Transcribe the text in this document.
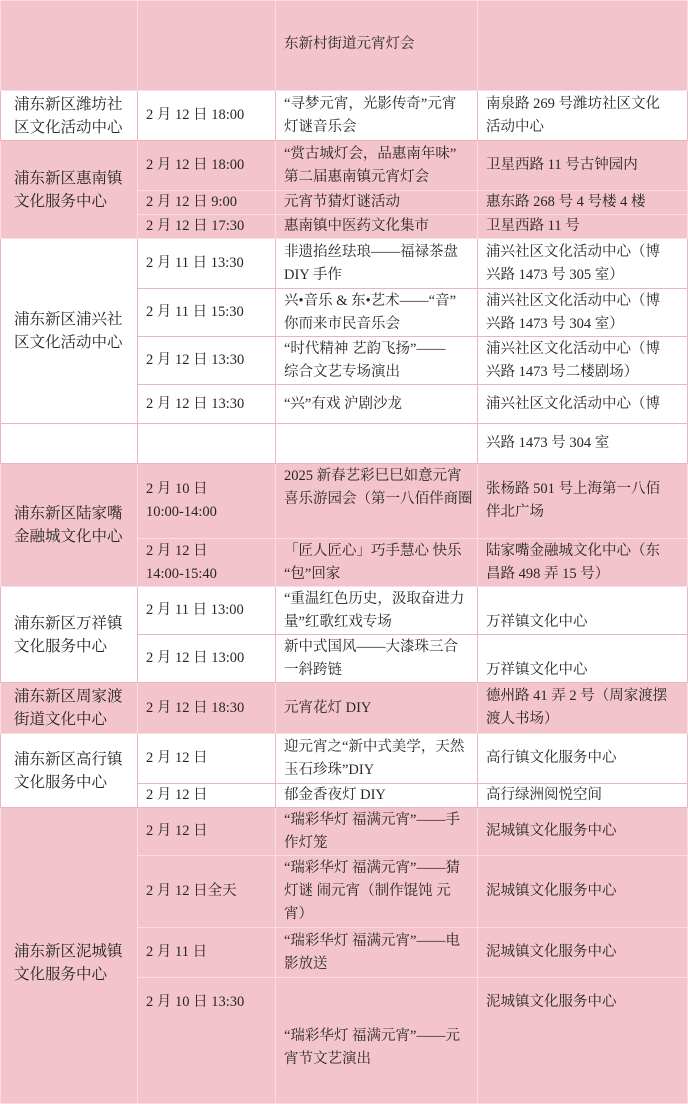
		东新村街道元宵灯会	

浦东新区潍坊社
区文化活动中心	2 月 12 日 18:00	“寻梦元宵，光影传奇”元宵
灯谜音乐会	南泉路 269 号潍坊社区文化
活动中心
浦东新区惠南镇
文化服务中心	2 月 12 日 18:00	“赏古城灯会，品惠南年味”
第二届惠南镇元宵灯会	卫星西路 11 号古钟园内
	2 月 12 日 9:00	元宵节猜灯谜活动	惠东路 268 号 4 号楼 4 楼
	2 月 12 日 17:30	惠南镇中医药文化集市	卫星西路 11 号
浦东新区浦兴社
区文化活动中心	2 月 11 日 13:30	非遗掐丝珐琅——福禄茶盘
DIY 手作	浦兴社区文化活动中心（博
兴路 1473 号 305 室）
	2 月 11 日 15:30	兴•音乐 & 东•艺术——“音”
你而来市民音乐会	浦兴社区文化活动中心（博
兴路 1473 号 304 室）
	2 月 12 日 13:30	“时代精神 艺韵飞扬”——
综合文艺专场演出	浦兴社区文化活动中心（博
兴路 1473 号二楼剧场）
	2 月 12 日 13:30	“兴”有戏 沪剧沙龙	浦兴社区文化活动中心（博
			兴路 1473 号 304 室
浦东新区陆家嘴
金融城文化中心	2 月 10 日
10:00-14:00	2025 新春艺彩巳巳如意元宵
喜乐游园会（第一八佰伴商圈	张杨路 501 号上海第一八佰
伴北广场
	2 月 12 日
14:00-15:40	「匠人匠心」巧手慧心 快乐
“包”回家	陆家嘴金融城文化中心（东
昌路 498 弄 15 号）
浦东新区万祥镇
文化服务中心	2 月 11 日 13:00	“重温红色历史，汲取奋进力
量”红歌红戏专场	万祥镇文化中心
	2 月 12 日 13:00	新中式国风——大漆珠三合
一斜跨链	万祥镇文化中心
浦东新区周家渡
街道文化中心	2 月 12 日 18:30	元宵花灯 DIY	德州路 41 弄 2 号（周家渡摆
渡人书场）
浦东新区高行镇
文化服务中心	2 月 12 日	迎元宵之“新中式美学，天然
玉石珍珠”DIY	高行镇文化服务中心
	2 月 12 日	郁金香夜灯 DIY	高行绿洲阅悦空间
浦东新区泥城镇
文化服务中心	2 月 12 日	“瑞彩华灯 福满元宵”——手
作灯笼	泥城镇文化服务中心
	2 月 12 日全天	“瑞彩华灯 福满元宵”——猜
灯谜 闹元宵（制作馄饨 元
宵）	泥城镇文化服务中心
	2 月 11 日	“瑞彩华灯 福满元宵”——电
影放送	泥城镇文化服务中心
	2 月 10 日 13:30	“瑞彩华灯 福满元宵”——元
宵节文艺演出	泥城镇文化服务中心
